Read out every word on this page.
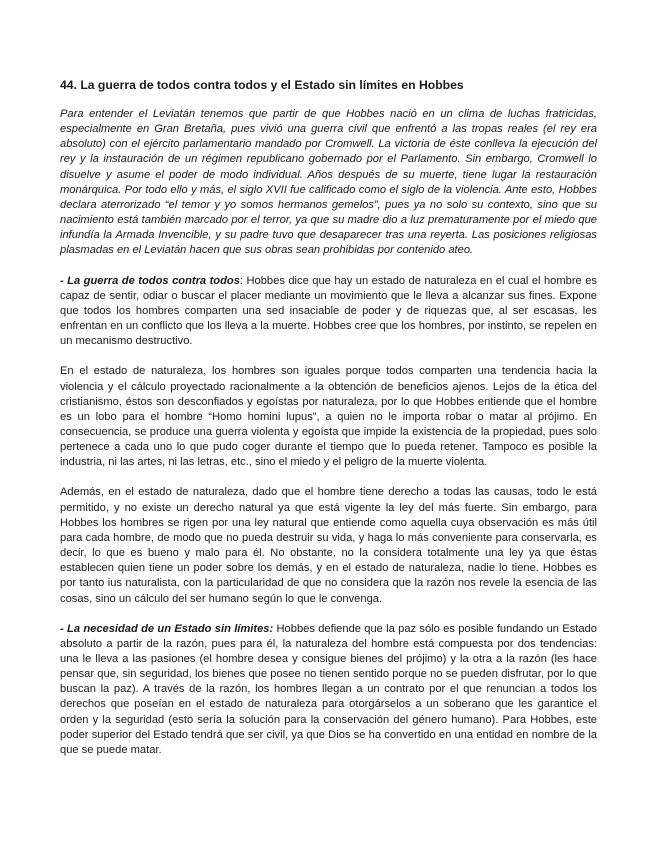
44. La guerra de todos contra todos y el Estado sin límites en Hobbes

Para entender el Leviatán tenemos que partir de que Hobbes nació en un clima de luchas fratricidas, especialmente en Gran Bretaña, pues vivió una guerra civil que enfrentó a las tropas reales (el rey era absoluto) con el ejército parlamentario mandado por Cromwell. La victoria de éste conlleva la ejecución del rey y la instauración de un régimen republicano gobernado por el Parlamento. Sin embargo, Cromwell lo disuelve y asume el poder de modo individual. Años después de su muerte, tiene lugar la restauración monárquica. Por todo ello y más, el siglo XVII fue calificado como el siglo de la violencia. Ante esto, Hobbes declara aterrorizado “el temor y yo somos hermanos gemelos”, pues ya no solo su contexto, sino que su nacimiento está también marcado por el terror, ya que su madre dio a luz prematuramente por el miedo que infundía la Armada Invencible, y su padre tuvo que desaparecer tras una reyerta. Las posiciones religiosas plasmadas en el Leviatán hacen que sus obras sean prohibidas por contenido ateo.

- La guerra de todos contra todos: Hobbes dice que hay un estado de naturaleza en el cual el hombre es capaz de sentir, odiar o buscar el placer mediante un movimiento que le lleva a alcanzar sus fines. Expone que todos los hombres comparten una sed insaciable de poder y de riquezas que, al ser escasas, les enfrentan en un conflicto que los lleva a la muerte. Hobbes cree que los hombres, por instinto, se repelen en un mecanismo destructivo.

En el estado de naturaleza, los hombres son iguales porque todos comparten una tendencia hacia la violencia y el cálculo proyectado racionalmente a la obtención de beneficios ajenos. Lejos de la ética del cristianismo, éstos son desconfiados y egoístas por naturaleza, por lo que Hobbes entiende que el hombre es un lobo para el hombre “Homo homini lupus”, a quien no le importa robar o matar al prójimo. En consecuencia, se produce una guerra violenta y egoísta que impide la existencia de la propiedad, pues solo pertenece a cada uno lo que pudo coger durante el tiempo que lo pueda retener. Tampoco es posible la industria, ni las artes, ni las letras, etc., sino el miedo y el peligro de la muerte violenta.

Además, en el estado de naturaleza, dado que el hombre tiene derecho a todas las causas, todo le está permitido, y no existe un derecho natural ya que está vigente la ley del más fuerte. Sin embargo, para Hobbes los hombres se rigen por una ley natural que entiende como aquella cuya observación es más útil para cada hombre, de modo que no pueda destruir su vida, y haga lo más conveniente para conservarla, es decir, lo que es bueno y malo para él. No obstante, no la considera totalmente una ley ya que éstas establecen quien tiene un poder sobre los demás, y en el estado de naturaleza, nadie lo tiene. Hobbes es por tanto ius naturalista, con la particularidad de que no considera que la razón nos revele la esencia de las cosas, sino un cálculo del ser humano según lo que le convenga.

- La necesidad de un Estado sin límites: Hobbes defiende que la paz sólo es posible fundando un Estado absoluto a partir de la razón, pues para él, la naturaleza del hombre está compuesta por dos tendencias: una le lleva a las pasiones (el hombre desea y consigue bienes del prójimo) y la otra a la razón (les hace pensar que, sin seguridad, los bienes que posee no tienen sentido porque no se pueden disfrutar, por lo que buscan la paz). A través de la razón, los hombres llegan a un contrato por el que renuncian a todos los derechos que poseían en el estado de naturaleza para otorgárselos a un soberano que les garantice el orden y la seguridad (esto sería la solución para la conservación del género humano). Para Hobbes, este poder superior del Estado tendrá que ser civil, ya que Dios se ha convertido en una entidad en nombre de la que se puede matar.
